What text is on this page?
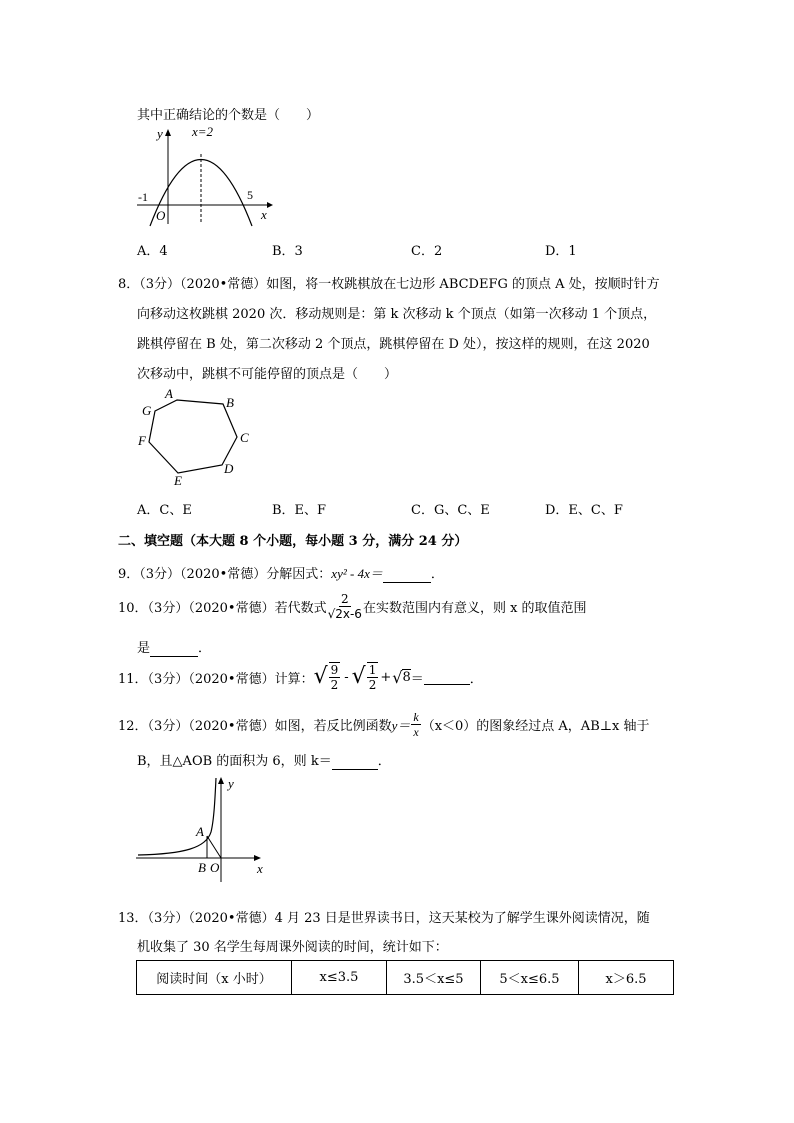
其中正确结论的个数是（　　）
x
y x=2
-1	5
O
A．4	B．3	C．2	D．1
8．（3分）（2020•常德）如图，将一枚跳棋放在七边形 ABCDEFG 的顶点 A 处，按顺时针方
向移动这枚跳棋 2020 次．移动规则是：第 k 次移动 k 个顶点（如第一次移动 1 个顶点，
跳棋停留在 B 处，第二次移动 2 个顶点，跳棋停留在 D 处），按这样的规则，在这 2020
次移动中，跳棋不可能停留的顶点是（　　）
A
B
C
D
E
F
G
A．C、E	B．E、F	C．G、C、E	D．E、C、F
二、填空题（本大题 8 个小题，每小题 3 分，满分 24 分）
9．（3分）（2020•常德）分解因式：xy² - 4x＝	．
10．（3分）（2020•常德）若代数式 $\frac{2}{√2x-6}$ 在实数范围内有意义，则 x 的取值范围
是	．
11．（3分）（2020•常德）计算： √ $\frac{9}{2}$ - √ $\frac{1}{2}$ + √ 8 ＝
	．
12．（3分）（2020•常德）如图，若反比例函数 $y= \frac{k}{x} (x<0)$的图象经过点 A，AB⊥x 轴于
B，且△AOB 的面积为 6，则 k＝	．
x
y
A
B O
13．（3分）（2020•常德）4 月 23 日是世界读书日，这天某校为了解学生课外阅读情况，随
机收集了 30 名学生每周课外阅读的时间，统计如下：
阅读时间（x 小时）	x≤3.5	3.5＜x≤5	5＜x≤6.5	x＞6.5
